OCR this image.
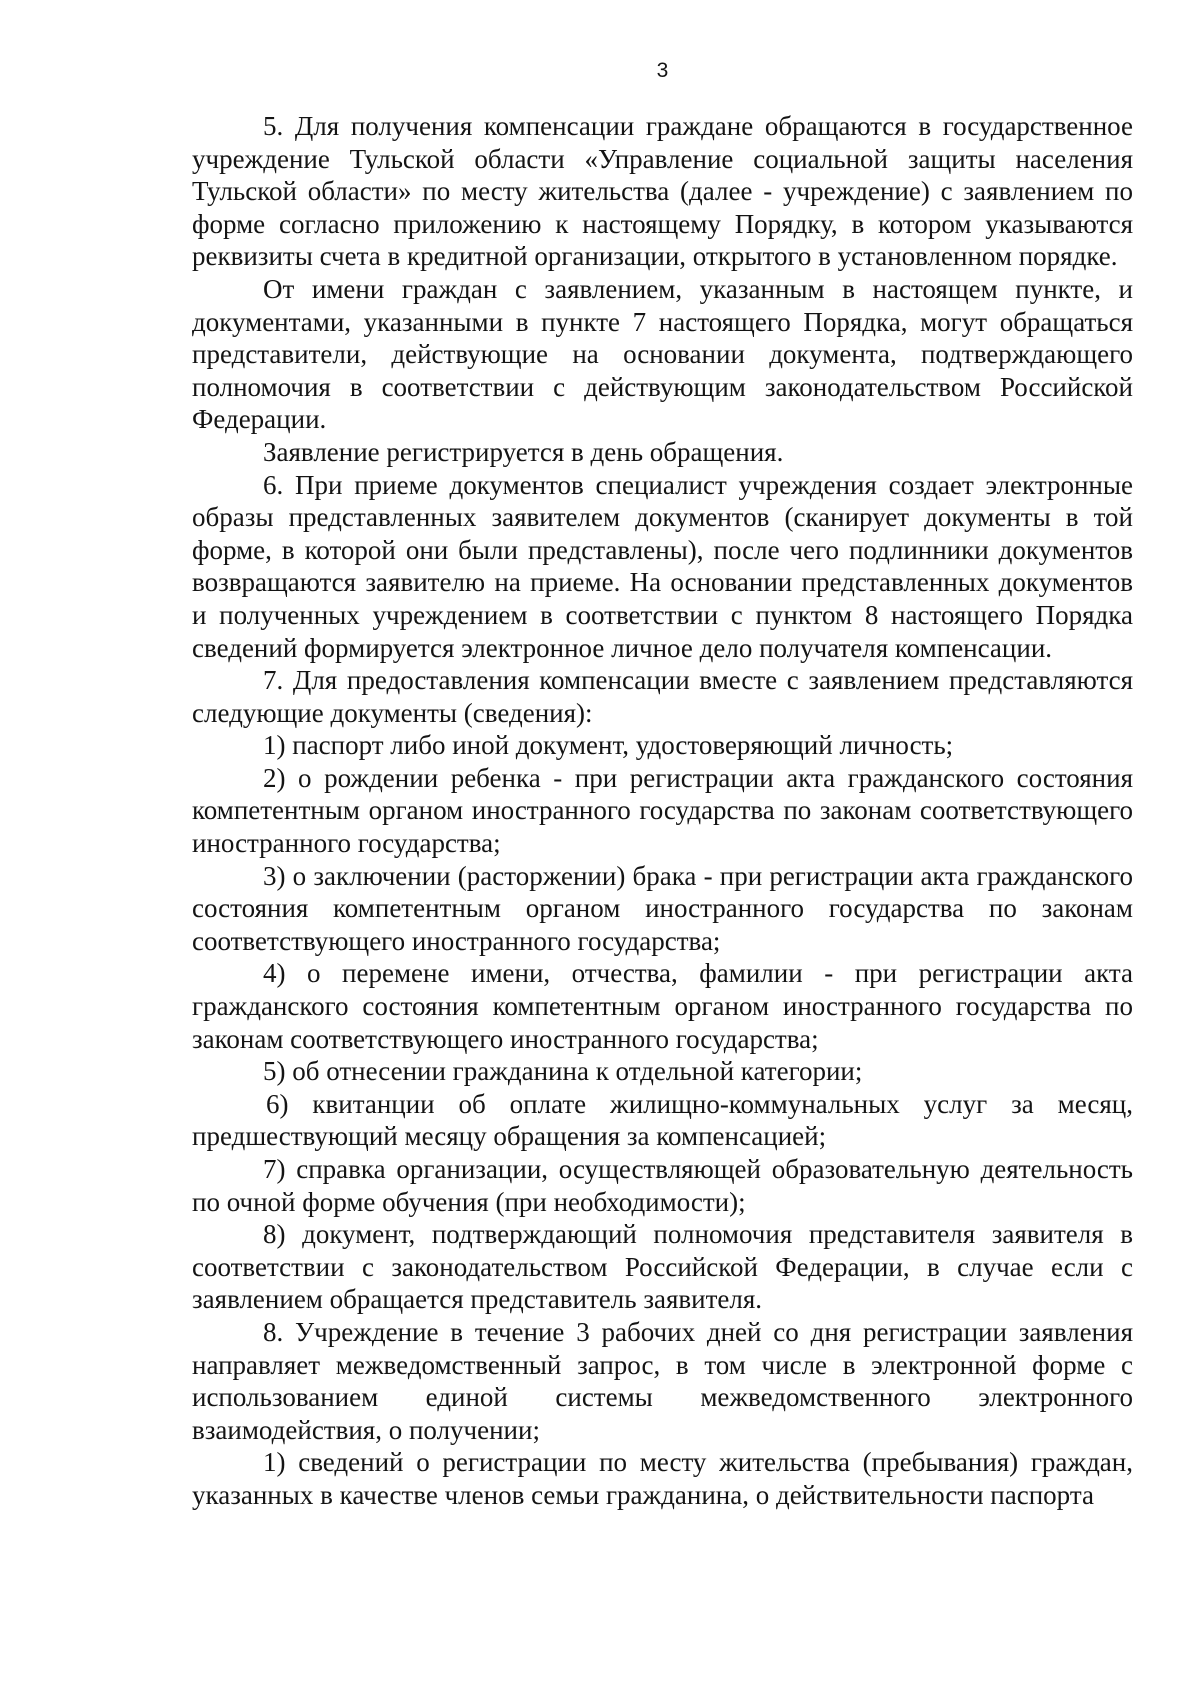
3

5. Для получения компенсации граждане обращаются в государственное учреждение Тульской области «Управление социальной защиты населения Тульской области» по месту жительства (далее - учреждение) с заявлением по форме согласно приложению к настоящему Порядку, в котором указываются реквизиты счета в кредитной организации, открытого в установленном порядке.

От имени граждан с заявлением, указанным в настоящем пункте, и документами, указанными в пункте 7 настоящего Порядка, могут обращаться представители, действующие на основании документа, подтверждающего полномочия в соответствии с действующим законодательством Российской Федерации.

Заявление регистрируется в день обращения.

6. При приеме документов специалист учреждения создает электронные образы представленных заявителем документов (сканирует документы в той форме, в которой они были представлены), после чего подлинники документов возвращаются заявителю на приеме. На основании представленных документов и полученных учреждением в соответствии с пунктом 8 настоящего Порядка сведений формируется электронное личное дело получателя компенсации.

7. Для предоставления компенсации вместе с заявлением представляются следующие документы (сведения):

1) паспорт либо иной документ, удостоверяющий личность;

2) о рождении ребенка - при регистрации акта гражданского состояния компетентным органом иностранного государства по законам соответствующего иностранного государства;

3) о заключении (расторжении) брака - при регистрации акта гражданского состояния компетентным органом иностранного государства по законам соответствующего иностранного государства;

4) о перемене имени, отчества, фамилии - при регистрации акта гражданского состояния компетентным органом иностранного государства по законам соответствующего иностранного государства;

5) об отнесении гражданина к отдельной категории;

6) квитанции об оплате жилищно-коммунальных услуг за месяц, предшествующий месяцу обращения за компенсацией;

7) справка организации, осуществляющей образовательную деятельность по очной форме обучения (при необходимости);

8) документ, подтверждающий полномочия представителя заявителя в соответствии с законодательством Российской Федерации, в случае если с заявлением обращается представитель заявителя.

8. Учреждение в течение 3 рабочих дней со дня регистрации заявления направляет межведомственный запрос, в том числе в электронной форме с использованием единой системы межведомственного электронного взаимодействия, о получении;

1) сведений о регистрации по месту жительства (пребывания) граждан, указанных в качестве членов семьи гражданина, о действительности паспорта
